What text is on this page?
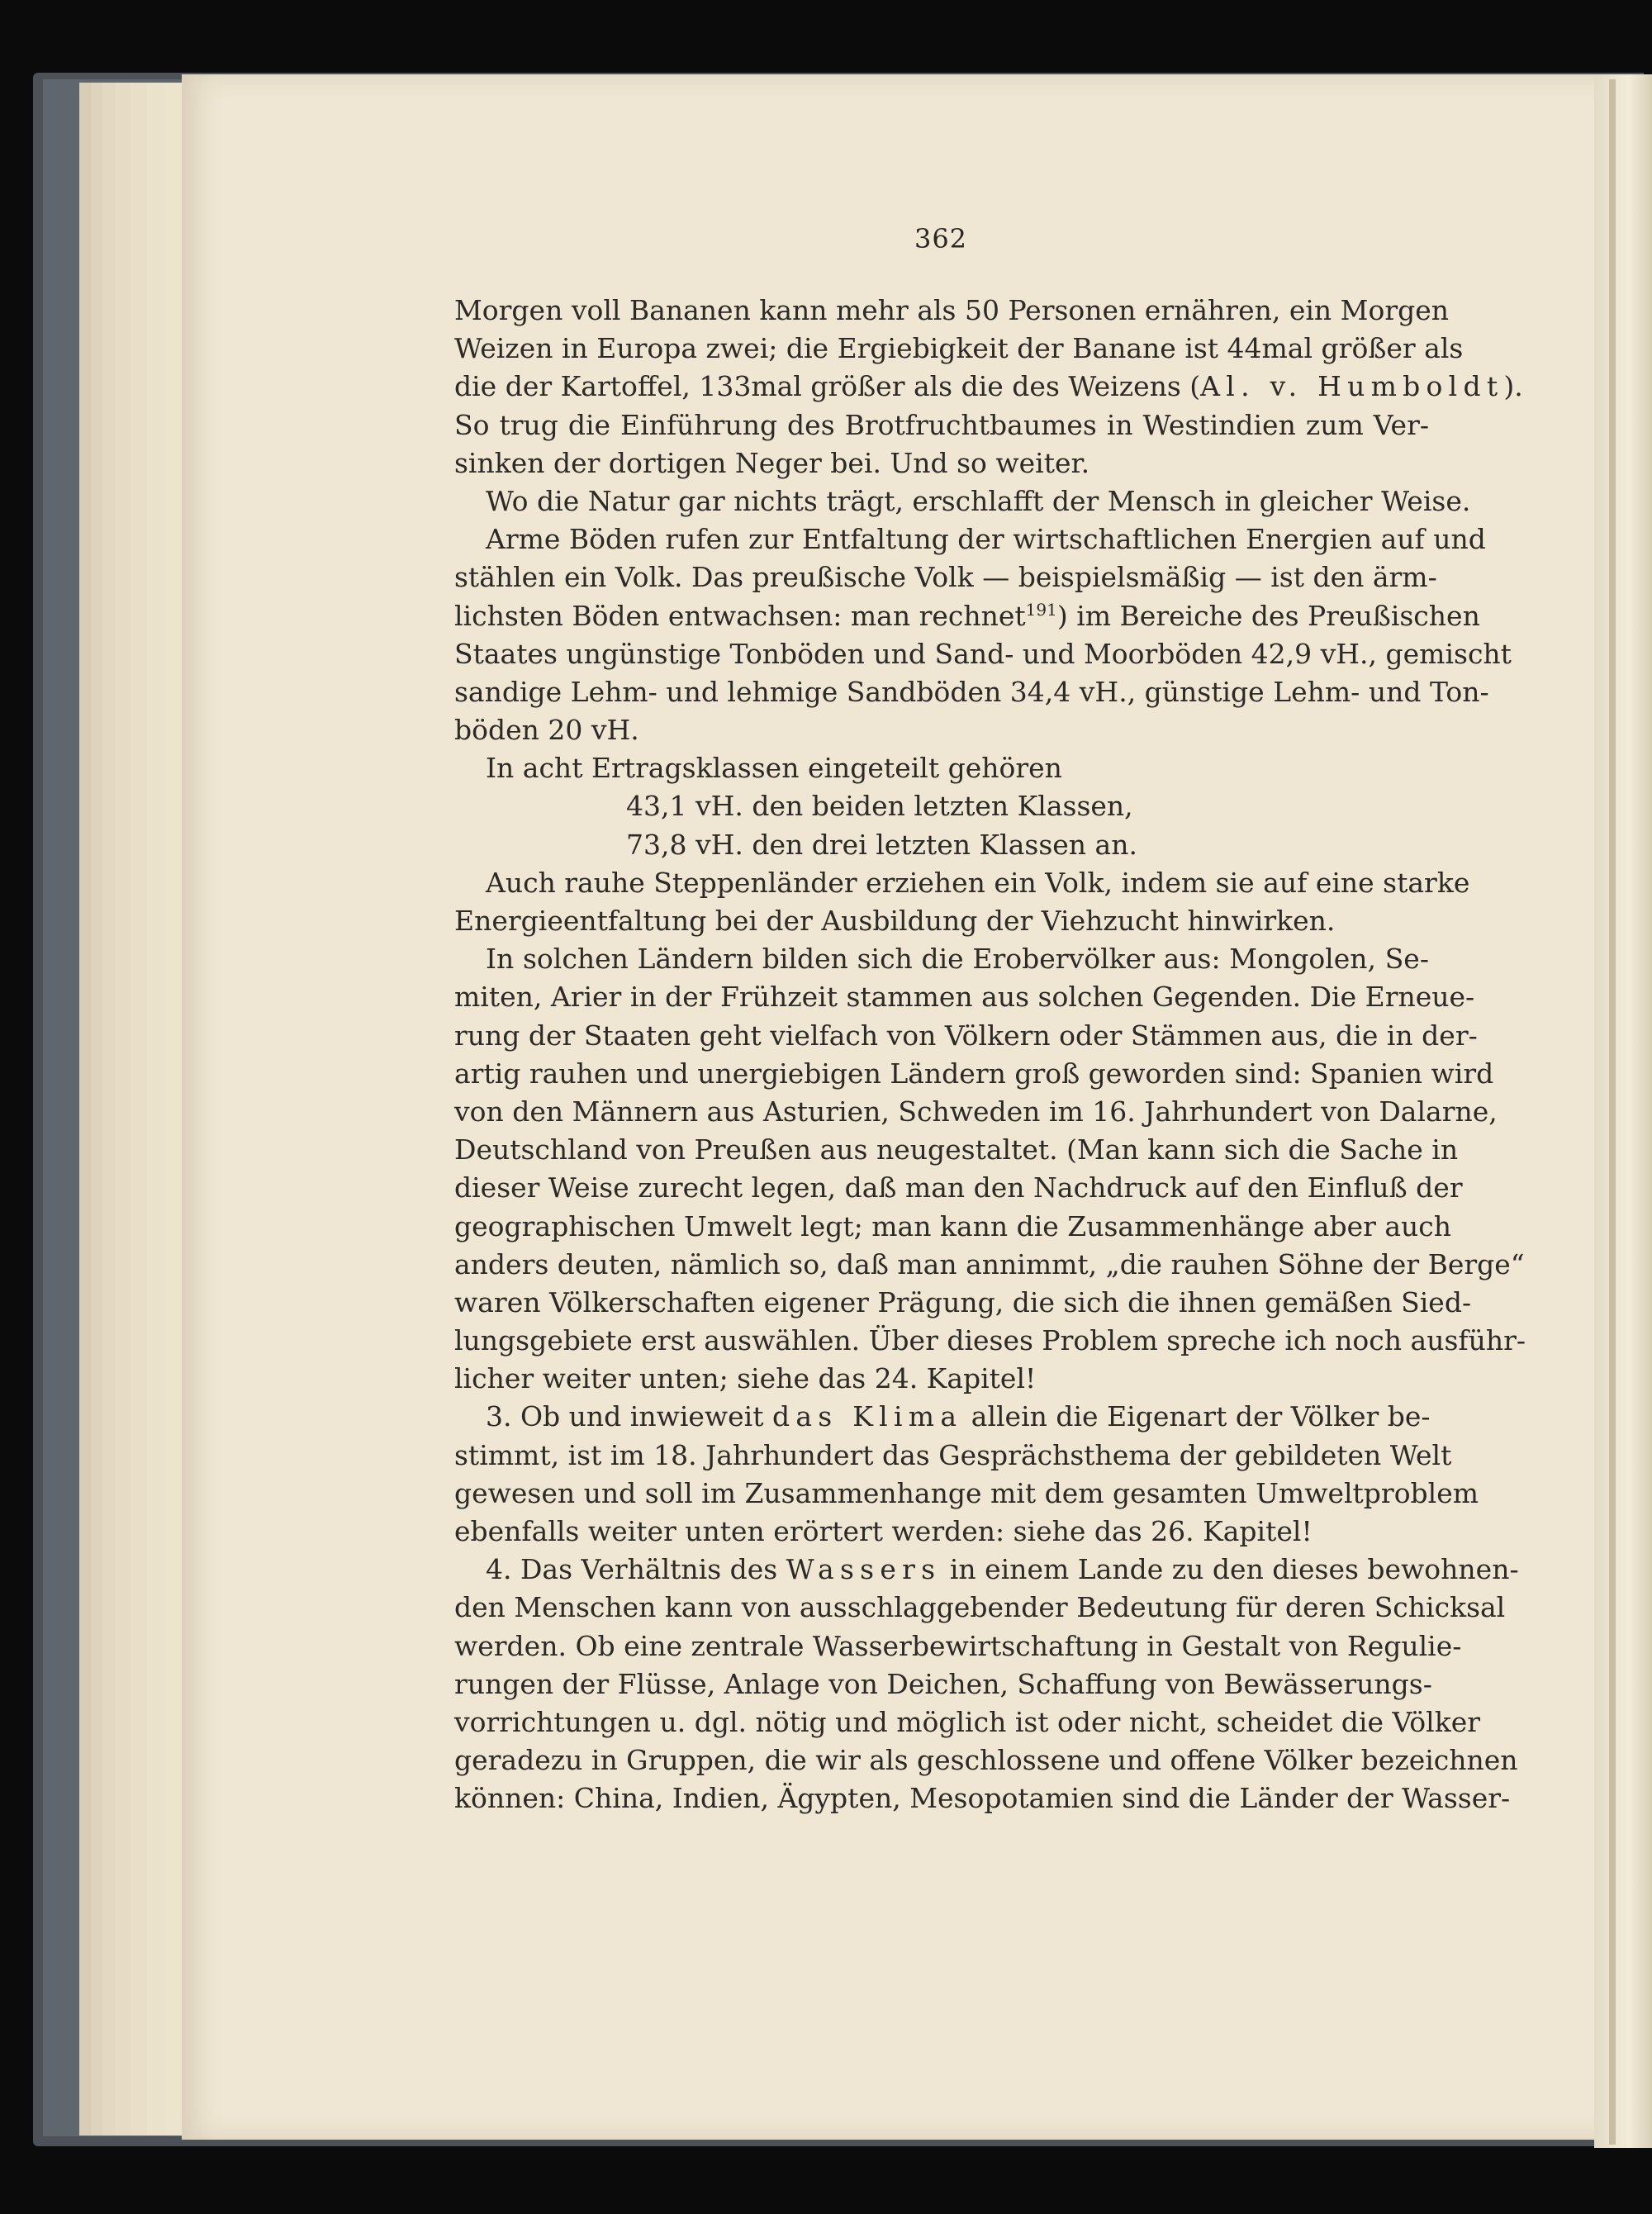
362
Morgen voll Bananen kann mehr als 50 Personen ernähren, ein Morgen
Weizen in Europa zwei; die Ergiebigkeit der Banane ist 44mal größer als
die der Kartoffel, 133mal größer als die des Weizens (Al. v. Humboldt).
So trug die Einführung des Brotfruchtbaumes in Westindien zum Ver-
sinken der dortigen Neger bei. Und so weiter.
Wo die Natur gar nichts trägt, erschlafft der Mensch in gleicher Weise.
Arme Böden rufen zur Entfaltung der wirtschaftlichen Energien auf und
stählen ein Volk. Das preußische Volk — beispielsmäßig — ist den ärm-
lichsten Böden entwachsen: man rechnet$^{191}$) im Bereiche des Preußischen
Staates ungünstige Tonböden und Sand- und Moorböden 42,9 vH., gemischt
sandige Lehm- und lehmige Sandböden 34,4 vH., günstige Lehm- und Ton-
böden 20 vH.
In acht Ertragsklassen eingeteilt gehören
43,1 vH. den beiden letzten Klassen,
73,8 vH. den drei letzten Klassen an.
Auch rauhe Steppenländer erziehen ein Volk, indem sie auf eine starke
Energieentfaltung bei der Ausbildung der Viehzucht hinwirken.
In solchen Ländern bilden sich die Erobervölker aus: Mongolen, Se-
miten, Arier in der Frühzeit stammen aus solchen Gegenden. Die Erneue-
rung der Staaten geht vielfach von Völkern oder Stämmen aus, die in der-
artig rauhen und unergiebigen Ländern groß geworden sind: Spanien wird
von den Männern aus Asturien, Schweden im 16. Jahrhundert von Dalarne,
Deutschland von Preußen aus neugestaltet. (Man kann sich die Sache in
dieser Weise zurecht legen, daß man den Nachdruck auf den Einfluß der
geographischen Umwelt legt; man kann die Zusammenhänge aber auch
anders deuten, nämlich so, daß man annimmt, „die rauhen Söhne der Berge“
waren Völkerschaften eigener Prägung, die sich die ihnen gemäßen Sied-
lungsgebiete erst auswählen. Über dieses Problem spreche ich noch ausführ-
licher weiter unten; siehe das 24. Kapitel!
3. Ob und inwieweit das Klima allein die Eigenart der Völker be-
stimmt, ist im 18. Jahrhundert das Gesprächsthema der gebildeten Welt
gewesen und soll im Zusammenhange mit dem gesamten Umweltproblem
ebenfalls weiter unten erörtert werden: siehe das 26. Kapitel!
4. Das Verhältnis des Wassers in einem Lande zu den dieses bewohnen-
den Menschen kann von ausschlaggebender Bedeutung für deren Schicksal
werden. Ob eine zentrale Wasserbewirtschaftung in Gestalt von Regulie-
rungen der Flüsse, Anlage von Deichen, Schaffung von Bewässerungs-
vorrichtungen u. dgl. nötig und möglich ist oder nicht, scheidet die Völker
geradezu in Gruppen, die wir als geschlossene und offene Völker bezeichnen
können: China, Indien, Ägypten, Mesopotamien sind die Länder der Wasser-
